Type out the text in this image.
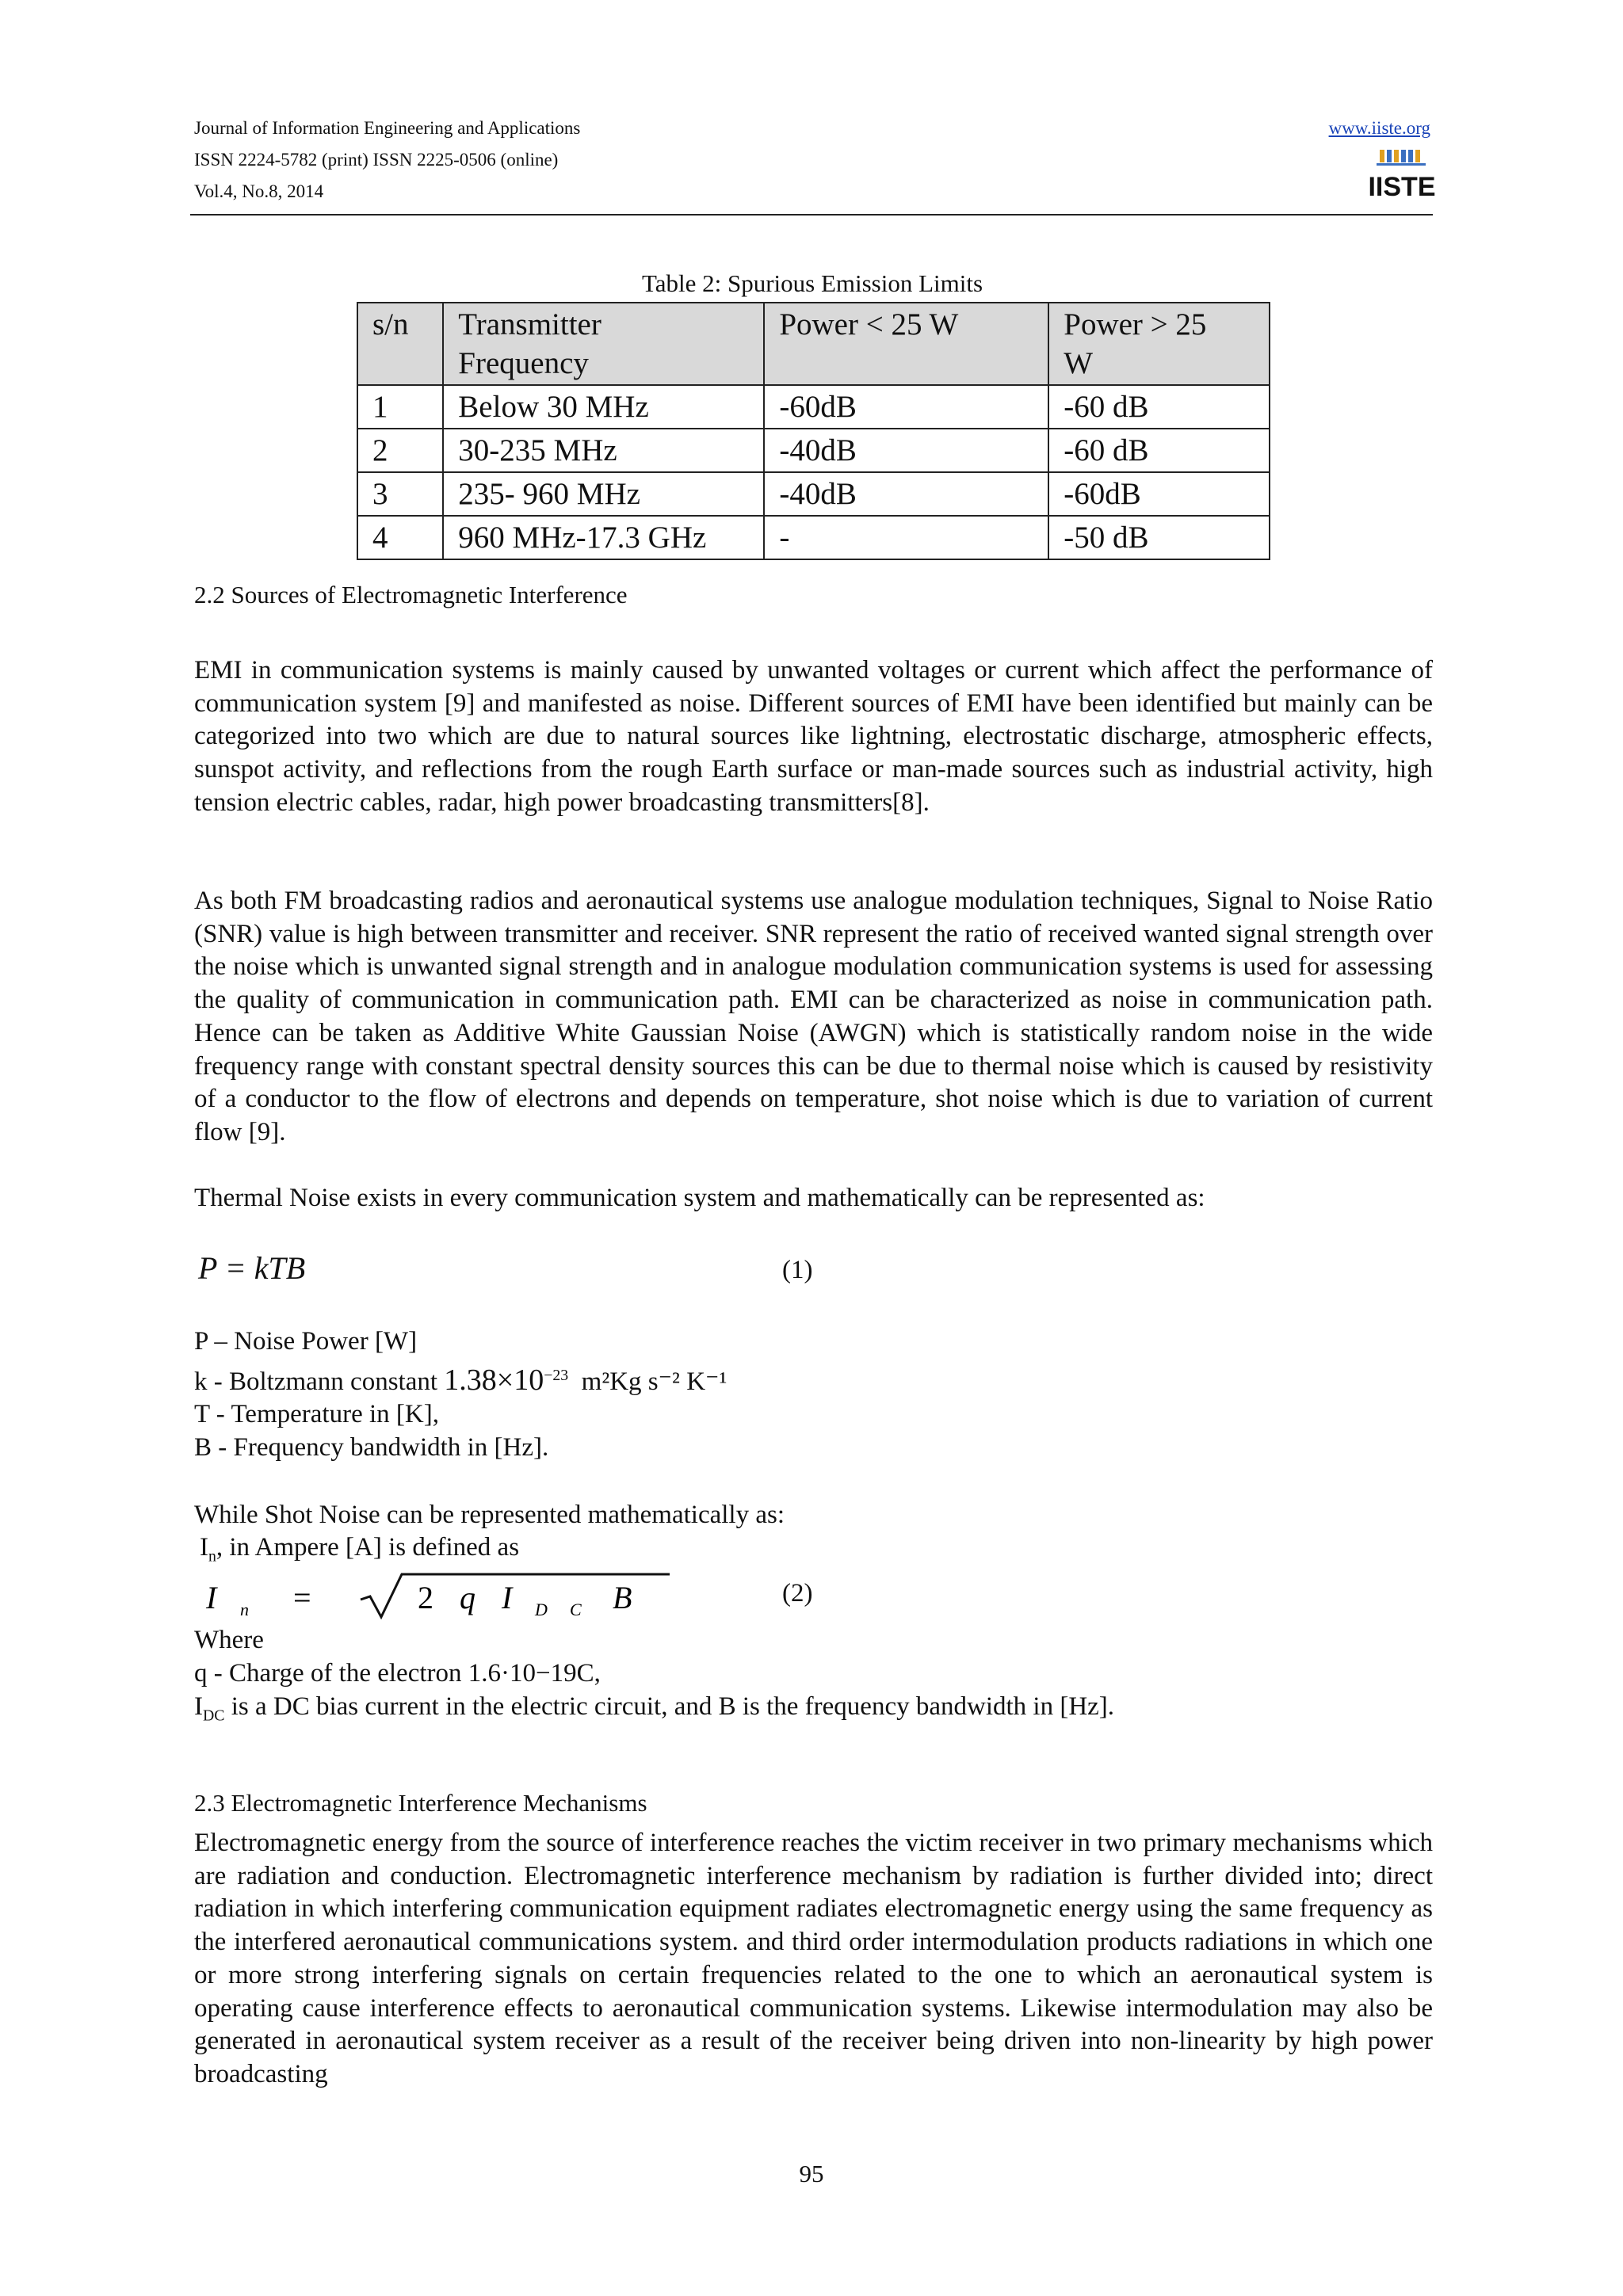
Journal of Information Engineering and Applications
ISSN 2224-5782 (print) ISSN 2225-0506 (online)
Vol.4, No.8, 2014
www.iiste.org
IISTE
Table 2: Spurious Emission Limits
s/n	Transmitter Frequency	Power < 25 W	Power > 25 W

1	Below 30 MHz	-60dB	-60 dB
2	30-235 MHz	-40dB	-60 dB
3	235- 960 MHz	-40dB	-60dB
4	960 MHz-17.3 GHz	-	-50 dB
2.2 Sources of Electromagnetic Interference
EMI in communication systems is mainly caused by unwanted voltages or current which affect the performance of communication system [9] and manifested as noise. Different sources of EMI have been identified but mainly can be categorized into two which are due to natural sources like lightning, electrostatic discharge, atmospheric effects, sunspot activity, and reflections from the rough Earth surface or man-made sources such as industrial activity, high tension electric cables, radar, high power broadcasting transmitters[8].
As both FM broadcasting radios and aeronautical systems use analogue modulation techniques, Signal to Noise Ratio (SNR) value is high between transmitter and receiver. SNR represent the ratio of received wanted signal strength over the noise which is unwanted signal strength and in analogue modulation communication systems is used for assessing the quality of communication in communication path. EMI can be characterized as noise in communication path. Hence can be taken as Additive White Gaussian Noise (AWGN) which is statistically random noise in the wide frequency range with constant spectral density sources this can be due to thermal noise which is caused by resistivity of a conductor to the flow of electrons and depends on temperature, shot noise which is due to variation of current flow [9].
Thermal Noise exists in every communication system and mathematically can be represented as:
P = kTB	(1)
P – Noise Power [W]
k - Boltzmann constant $1.38\times 10^{-23}$ m²Kg s⁻² K⁻¹
T - Temperature in [K],
B - Frequency bandwidth in [Hz].
While Shot Noise can be represented mathematically as:
$I_n$, in Ampere [A] is defined as
I n =	2 q I D C B	(2)
Where
q - Charge of the electron 1.6·10−19C,
$I_{DC}$ is a DC bias current in the electric circuit, and B is the frequency bandwidth in [Hz].
2.3 Electromagnetic Interference Mechanisms
Electromagnetic energy from the source of interference reaches the victim receiver in two primary mechanisms which are radiation and conduction. Electromagnetic interference mechanism by radiation is further divided into; direct radiation in which interfering communication equipment radiates electromagnetic energy using the same frequency as the interfered aeronautical communications system. and third order intermodulation products radiations in which one or more strong interfering signals on certain frequencies related to the one to which an aeronautical system is operating cause interference effects to aeronautical communication systems. Likewise intermodulation may also be generated in aeronautical system receiver as a result of the receiver being driven into non-linearity by high power broadcasting
95
